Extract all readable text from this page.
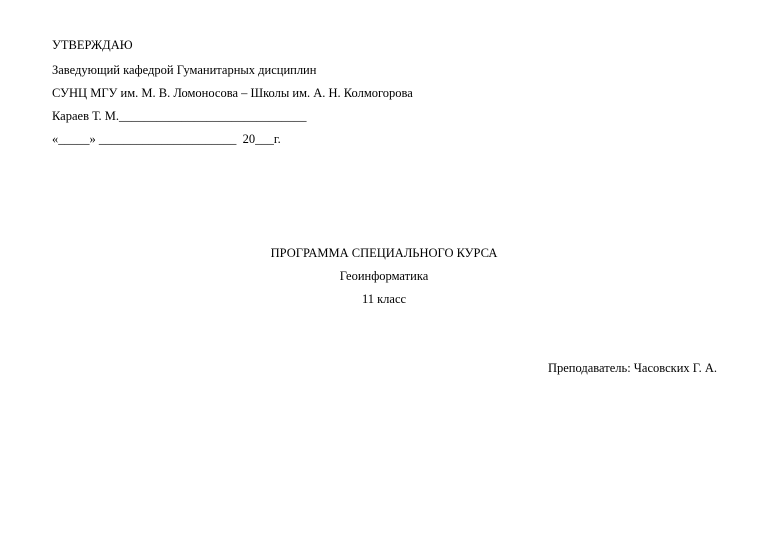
УТВЕРЖДАЮ
Заведующий кафедрой Гуманитарных дисциплин
СУНЦ МГУ им. М. В. Ломоносова – Школы им. А. Н. Колмогорова
Караев Т. М.______________________________
«_____» ______________________  20___г.
ПРОГРАММА СПЕЦИАЛЬНОГО КУРСА
Геоинформатика
11 класс
Преподаватель: Часовских Г. А.
